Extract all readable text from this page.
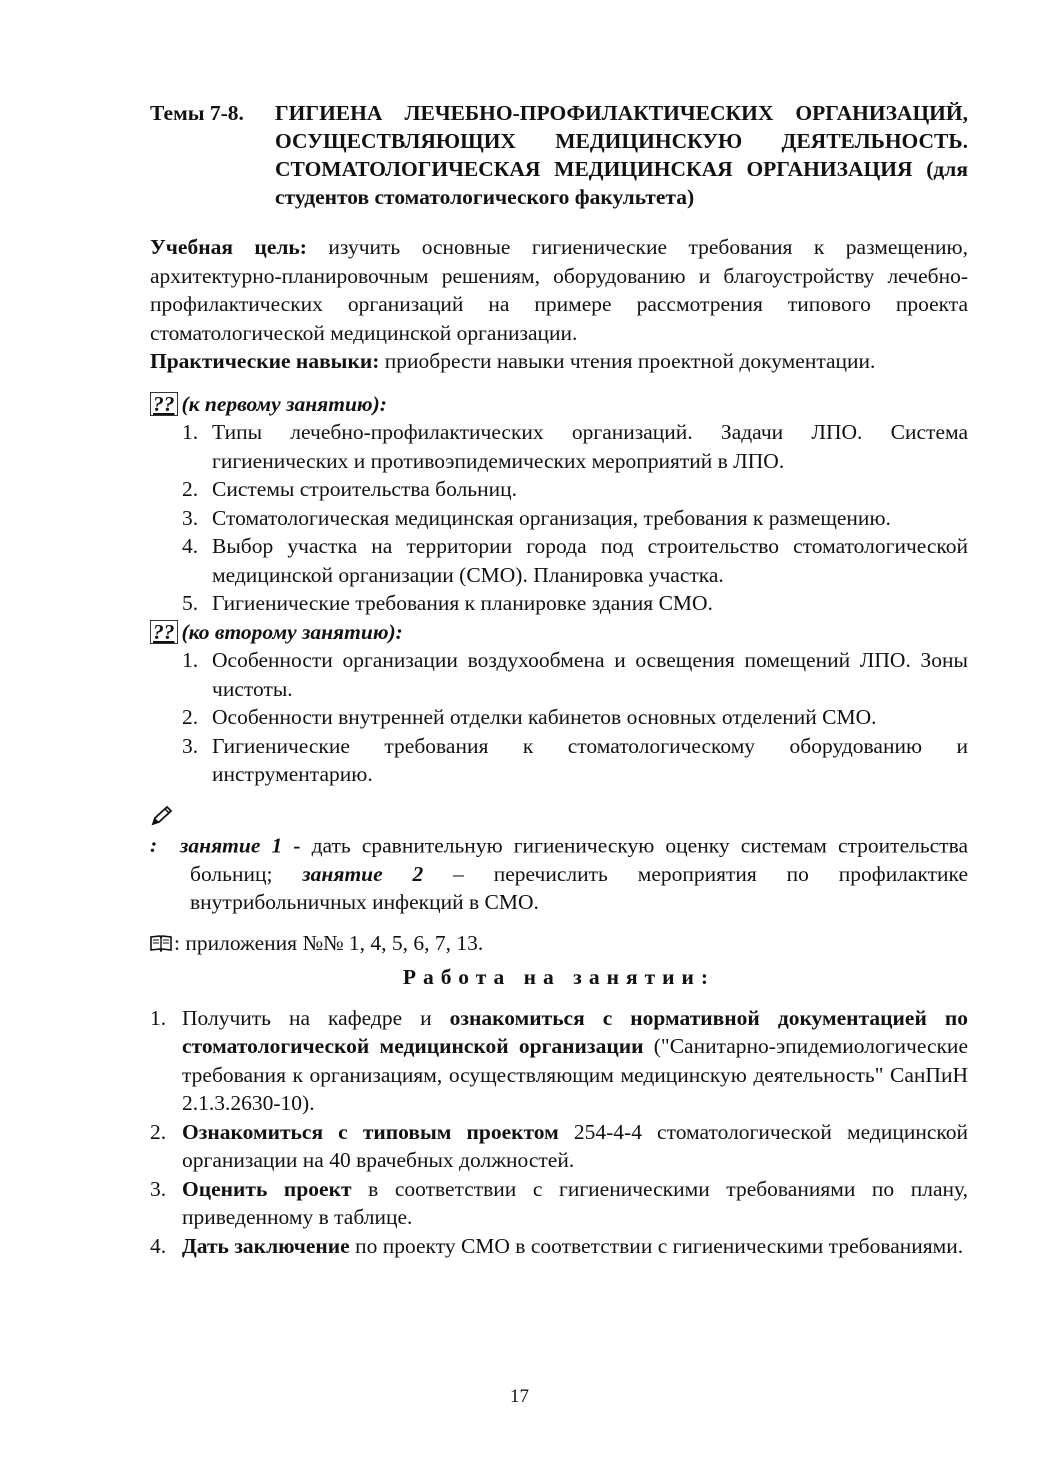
Темы 7-8. ГИГИЕНА ЛЕЧЕБНО-ПРОФИЛАКТИЧЕСКИХ ОРГАНИЗАЦИЙ, ОСУЩЕСТВЛЯЮЩИХ МЕДИЦИНСКУЮ ДЕЯТЕЛЬНОСТЬ. СТОМАТОЛОГИЧЕСКАЯ МЕДИЦИНСКАЯ ОРГАНИЗАЦИЯ (для студентов стоматологического факультета)
Учебная цель: изучить основные гигиенические требования к размещению, архитектурно-планировочным решениям, оборудованию и благоустройству лечебно-профилактических организаций на примере рассмотрения типового проекта стоматологической медицинской организации.
Практические навыки: приобрести навыки чтения проектной документации.
?? (к первому занятию):
1. Типы лечебно-профилактических организаций. Задачи ЛПО. Система гигиенических и противоэпидемических мероприятий в ЛПО.
2. Системы строительства больниц.
3. Стоматологическая медицинская организация, требования к размещению.
4. Выбор участка на территории города под строительство стоматологической медицинской организации (СМО). Планировка участка.
5. Гигиенические требования к планировке здания СМО.
?? (ко второму занятию):
1. Особенности организации воздухообмена и освещения помещений ЛПО. Зоны чистоты.
2. Особенности внутренней отделки кабинетов основных отделений СМО.
3. Гигиенические требования к стоматологическому оборудованию и инструментарию.
: занятие 1 - дать сравнительную гигиеническую оценку системам строительства больниц; занятие 2 – перечислить мероприятия по профилактике внутрибольничных инфекций в СМО.
: приложения №№ 1, 4, 5, 6, 7, 13.
Работа на занятии:
1. Получить на кафедре и ознакомиться с нормативной документацией по стоматологической медицинской организации ("Санитарно-эпидемиологические требования к организациям, осуществляющим медицинскую деятельность" СанПиН 2.1.3.2630-10).
2. Ознакомиться с типовым проектом 254-4-4 стоматологической медицинской организации на 40 врачебных должностей.
3. Оценить проект в соответствии с гигиеническими требованиями по плану, приведенному в таблице.
4. Дать заключение по проекту СМО в соответствии с гигиеническими требованиями.
17
